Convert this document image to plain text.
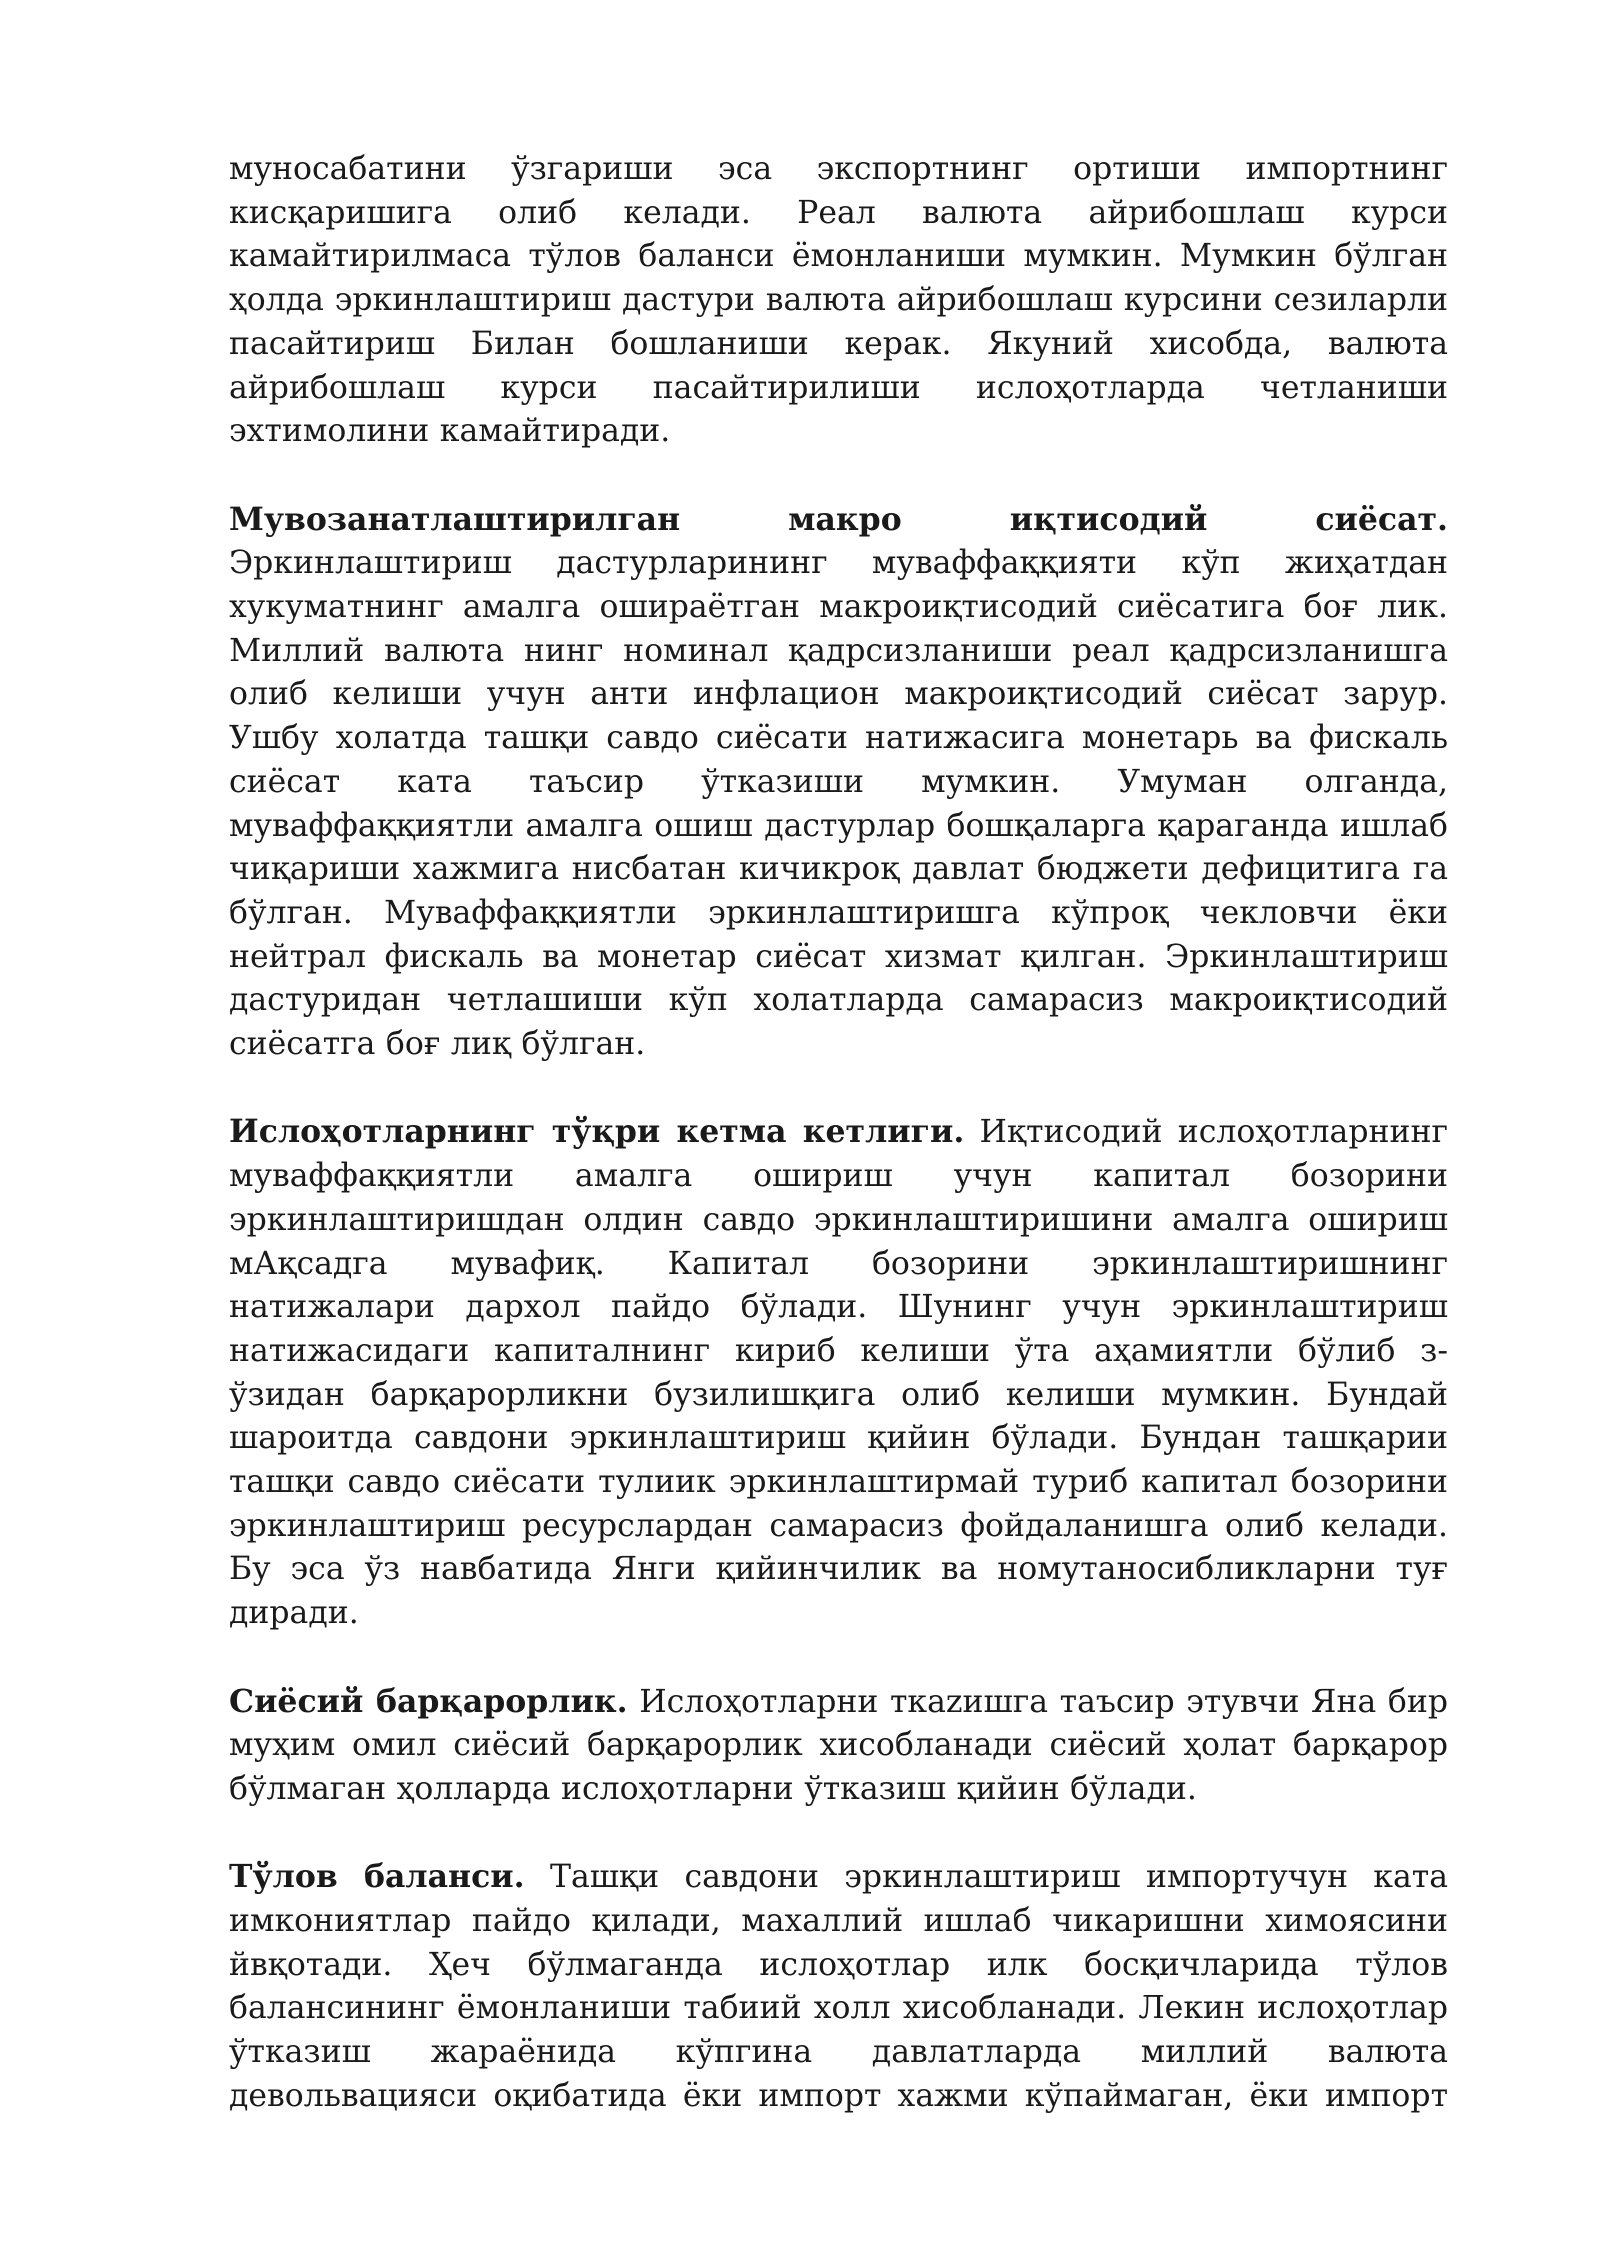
муносабатини ўзгариши эса экспортнинг ортиши импортнинг кисқаришига олиб келади. Реал валюта айрибошлаш курси камайтирилмаса тўлов баланси ёмонланиши мумкин. Мумкин бўлган ҳолда эркинлаштириш дастури валюта айрибошлаш курсини сезиларли пасайтириш Билан бошланиши керак. Якуний хисобда, валюта айрибошлаш курси пасайтирилиши ислоҳотларда четланиши эхтимолини камайтиради.

Мувозанатлаштирилган макро иқтисодий сиёсат. Эркинлаштириш дастурларининг муваффаққияти кўп жиҳатдан хукуматнинг амалга ошираётган макроиқтисодий сиёсатига боғ лик. Миллий валюта нинг номинал қадрсизланиши реал қадрсизланишга олиб келиши учун анти инфлацион макроиқтисодий сиёсат зарур. Ушбу холатда ташқи савдо сиёсати натижасига монетарь ва фискаль сиёсат ката таъсир ўтказиши мумкин. Умуман олганда, муваффаққиятли амалга ошиш дастурлар бошқаларга қараганда ишлаб чиқариши хажмига нисбатан кичикроқ давлат бюджети дефицитига га бўлган. Муваффаққиятли эркинлаштиришга кўпроқ чекловчи ёки нейтрал фискаль ва монетар сиёсат хизмат қилган. Эркинлаштириш дастуридан четлашиши кўп холатларда самарасиз макроиқтисодий сиёсатга боғ лиқ бўлган.

Ислоҳотларнинг тўқри кетма кетлиги. Иқтисодий ислоҳотларнинг муваффаққиятли амалга ошириш учун капитал бозорини эркинлаштиришдан олдин савдо эркинлаштиришини амалга ошириш мАқсадга мувафиқ. Капитал бозорини эркинлаштиришнинг натижалари дархол пайдо бўлади. Шунинг учун эркинлаштириш натижасидаги капиталнинг кириб келиши ўта аҳамиятли бўлиб з-ўзидан барқарорликни бузилишқига олиб келиши мумкин. Бундай шароитда савдони эркинлаштириш қийин бўлади. Бундан ташқарии ташқи савдо сиёсати тулиик эркинлаштирмай туриб капитал бозорини эркинлаштириш ресурслардан самарасиз фойдаланишга олиб келади. Бу эса ўз навбатида Янги қийинчилик ва номутаносибликларни туғ диради.

Сиёсий барқарорлик. Ислоҳотларни ткazишга таъсир этувчи Яна бир муҳим омил сиёсий барқарорлик хисобланади сиёсий ҳолат барқарор бўлмаган ҳолларда ислоҳотларни ўтказиш қийин бўлади.

Тўлов баланси. Ташқи савдони эркинлаштириш импортучун ката имкониятлар пайдо қилади, махаллий ишлаб чикаришни химоясини йвқотади. Ҳеч бўлмаганда ислоҳотлар илк босқичларида тўлов балансининг ёмонланиши табиий холл хисобланади. Лекин ислоҳотлар ўтказиш жараёнида кўпгина давлатларда миллий валюта девольвацияси оқибатида ёки импорт хажми кўпаймаган, ёки импорт
